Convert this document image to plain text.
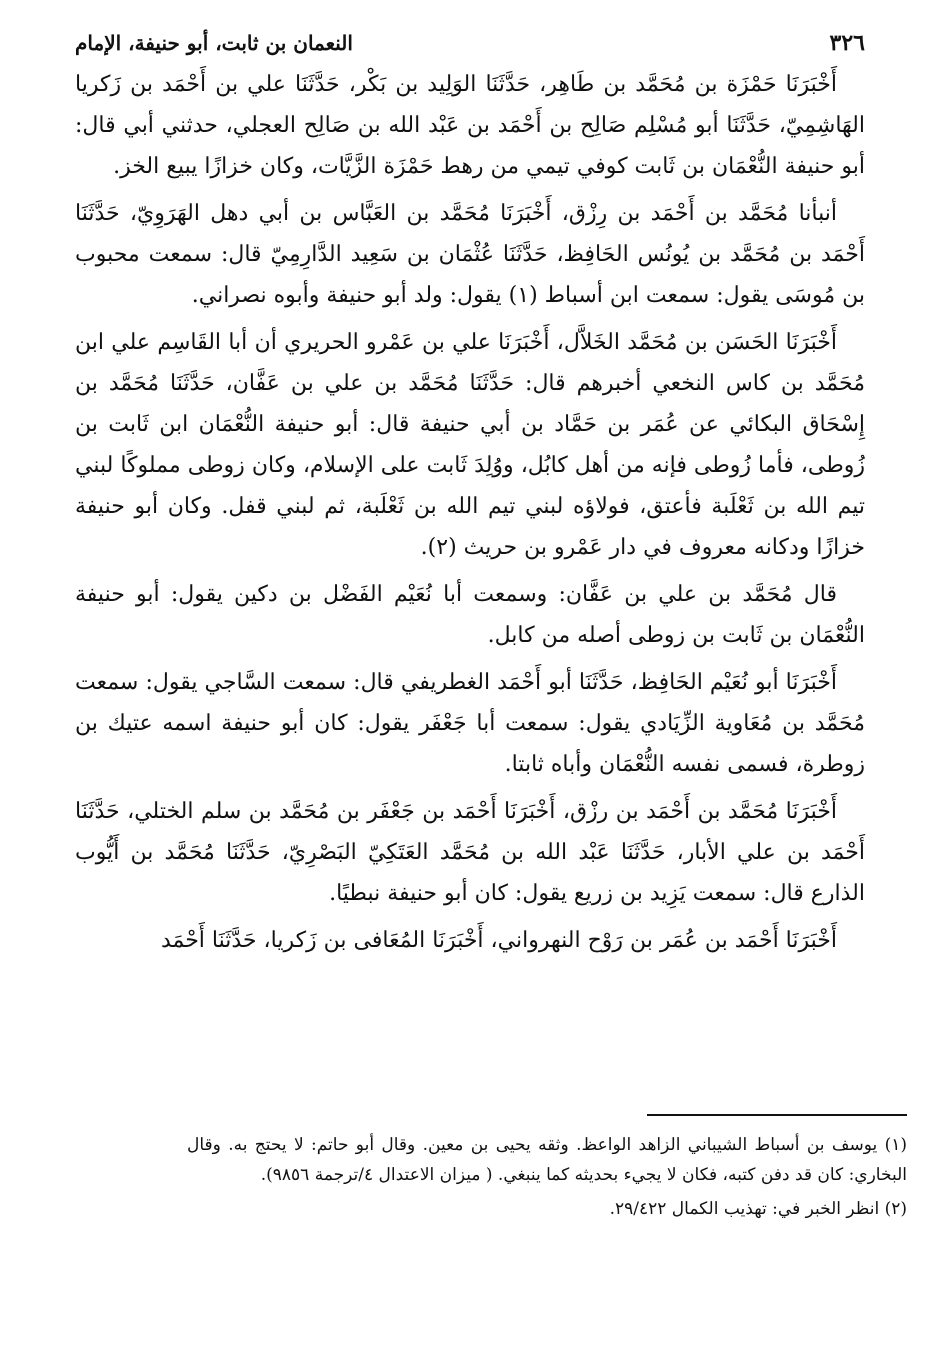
٣٢٦
النعمان بن ثابت، أبو حنيفة، الإمام

أَخْبَرَنَا حَمْزَة بن مُحَمَّد بن طَاهِر، حَدَّثَنَا الوَلِيد بن بَكْر، حَدَّثَنَا علي بن أَحْمَد بن زَكريا الهَاشِمِيّ، حَدَّثَنَا أبو مُسْلِم صَالِح بن أَحْمَد بن عَبْد الله بن صَالِح العجلي، حدثني أبي قال: أبو حنيفة النُّعْمَان بن ثَابت كوفي تيمي من رهط حَمْزَة الزَّيَّات، وكان خزازًا يبيع الخز.

أنبأنا مُحَمَّد بن أَحْمَد بن رِزْق، أَخْبَرَنَا مُحَمَّد بن العَبَّاس بن أبي دهل الهَرَوِيّ، حَدَّثَنَا أَحْمَد بن مُحَمَّد بن يُونُس الحَافِظ، حَدَّثَنَا عُثْمَان بن سَعِيد الدَّارِمِيّ قال: سمعت محبوب بن مُوسَى يقول: سمعت ابن أسباط (١) يقول: ولد أبو حنيفة وأبوه نصراني.

أَخْبَرَنَا الحَسَن بن مُحَمَّد الخَلاَّل، أَخْبَرَنَا علي بن عَمْرو الحريري أن أبا القَاسِم علي ابن مُحَمَّد بن كاس النخعي أخبرهم قال: حَدَّثَنَا مُحَمَّد بن علي بن عَفَّان، حَدَّثَنَا مُحَمَّد بن إِسْحَاق البكائي عن عُمَر بن حَمَّاد بن أبي حنيفة قال: أبو حنيفة النُّعْمَان ابن ثَابت بن زُوطى، فأما زُوطى فإنه من أهل كابُل، ووُلِدَ ثَابت على الإسلام، وكان زوطى مملوكًا لبني تيم الله بن ثَعْلَبة فأعتق، فولاؤه لبني تيم الله بن ثَعْلَبة، ثم لبني قفل. وكان أبو حنيفة خزازًا ودكانه معروف في دار عَمْرو بن حريث (٢).

قال مُحَمَّد بن علي بن عَفَّان: وسمعت أبا نُعَيْم الفَضْل بن دكين يقول: أبو حنيفة النُّعْمَان بن ثَابت بن زوطى أصله من كابل.

أَخْبَرَنَا أبو نُعَيْم الحَافِظ، حَدَّثَنَا أبو أَحْمَد الغطريفي قال: سمعت السَّاجي يقول: سمعت مُحَمَّد بن مُعَاوية الزِّيَادي يقول: سمعت أبا جَعْفَر يقول: كان أبو حنيفة اسمه عتيك بن زوطرة، فسمى نفسه النُّعْمَان وأباه ثابتا.

أَخْبَرَنَا مُحَمَّد بن أَحْمَد بن رزْق، أَخْبَرَنَا أَحْمَد بن جَعْفَر بن مُحَمَّد بن سلم الختلي، حَدَّثَنَا أَحْمَد بن علي الأبار، حَدَّثَنَا عَبْد الله بن مُحَمَّد العَتَكِيّ البَصْرِيّ، حَدَّثَنَا مُحَمَّد بن أَيُّوب الذارع قال: سمعت يَزِيد بن زريع يقول: كان أبو حنيفة نبطيًا.

أَخْبَرَنَا أَحْمَد بن عُمَر بن رَوْح النهرواني، أَخْبَرَنَا المُعَافى بن زَكريا، حَدَّثَنَا أَحْمَد

(١) يوسف بن أسباط الشيباني الزاهد الواعظ. وثقه يحيى بن معين. وقال أبو حاتم: لا يحتج به. وقال البخاري: كان قد دفن كتبه، فكان لا يجيء بحديثه كما ينبغي. ( ميزان الاعتدال ٤/ترجمة ٩٨٥٦).

(٢) انظر الخبر في: تهذيب الكمال ٢٩/٤٢٢.
